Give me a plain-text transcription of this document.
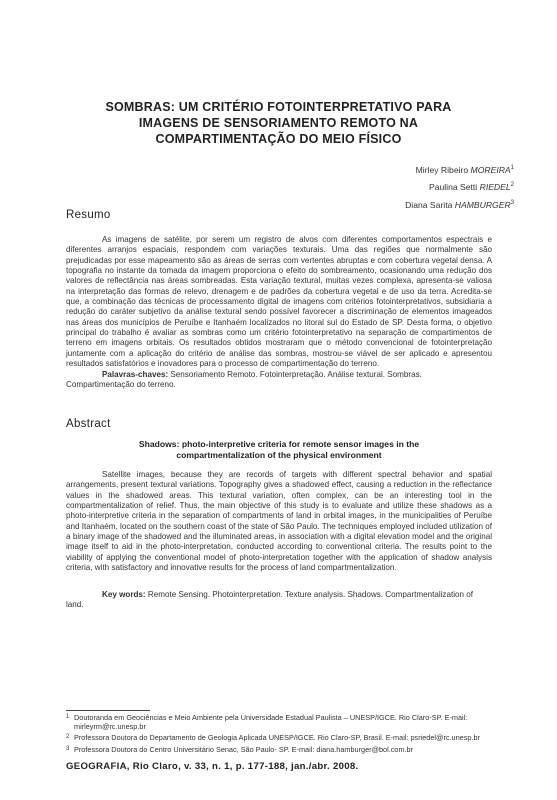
SOMBRAS: UM CRITÉRIO FOTOINTERPRETATIVO PARA
IMAGENS DE SENSORIAMENTO REMOTO NA
COMPARTIMENTAÇÃO DO MEIO FÍSICO
Mirley Ribeiro MOREIRA$^1$
Paulina Setti RIEDEL$^2$
Diana Sarita HAMBURGER$^3$
Resumo

As imagens de satélite, por serem um registro de alvos com diferentes comportamentos espectrais e diferentes arranjos espaciais, respondem com variações texturais. Uma das regiões que normalmente são prejudicadas por esse mapeamento são as áreas de serras com vertentes abruptas e com cobertura vegetal densa. A topografia no instante da tomada da imagem proporciona o efeito do sombreamento, ocasionando uma redução dos valores de reflectância nas áreas sombreadas. Esta variação textural, muitas vezes complexa, apresenta-se valiosa na interpretação das formas de relevo, drenagem e de padrões da cobertura vegetal e de uso da terra. Acredita-se que, a combinação das técnicas de processamento digital de imagens com critérios fotointerpretativos, subsidiaria a redução do caráter subjetivo da análise textural sendo possível favorecer a discriminação de elementos imageados nas áreas dos municípios de Peruíbe e Itanhaém localizados no litoral sul do Estado de SP. Desta forma, o objetivo principal do trabalho é avaliar as sombras como um critério fotointerpretativo na separação de compartimentos de terreno em imagens orbitais. Os resultados obtidos mostraram que o método convencional de fotointerpretação juntamente com a aplicação do critério de análise das sombras, mostrou-se viável de ser aplicado e apresentou resultados satisfatórios e inovadores para o processo de compartimentação do terreno.

Palavras-chaves: Sensoriamento Remoto. Fotointerpretação. Análise textural. Sombras. Compartimentação do terreno.
Abstract
Shadows: photo-interpretive criteria for remote sensor images in the
compartmentalization of the physical environment

Satellite images, because they are records of targets with different spectral behavior and spatial arrangements, present textural variations. Topography gives a shadowed effect, causing a reduction in the reflectance values in the shadowed areas. This textural variation, often complex, can be an interesting tool in the compartmentalization of relief. Thus, the main objective of this study is to evaluate and utilize these shadows as a photo-interpretive criteria in the separation of compartments of land in orbital images, in the municipalities of Peruíbe and Itanhaém, located on the southern coast of the state of São Paulo. The techniques employed included utilization of a binary image of the shadowed and the illuminated areas, in association with a digital elevation model and the original image itself to aid in the photo-interpretation, conducted according to conventional criteria. The results point to the viability of applying the conventional model of photo-interpretation together with the application of shadow analysis criteria, with satisfactory and innovative results for the process of land compartmentalization.

Key words: Remote Sensing. Photointerpretation. Texture analysis. Shadows. Compartmentalization of land.
1 Doutoranda em Geociências e Meio Ambiente pela Universidade Estadual Paulista – UNESP/IGCE. Rio Claro-SP. E-mail: mirleyrm@rc.unesp.br
2 Professora Doutora do Departamento de Geologia Aplicada UNESP/IGCE. Rio Claro-SP, Brasil. E-mail: psriedel@rc.unesp.br
3 Professora Doutora do Centro Universitário Senac, São Paulo- SP. E-mail: diana.hamburger@bol.com.br
GEOGRAFIA, Rio Claro, v. 33, n. 1, p. 177-188, jan./abr. 2008.
